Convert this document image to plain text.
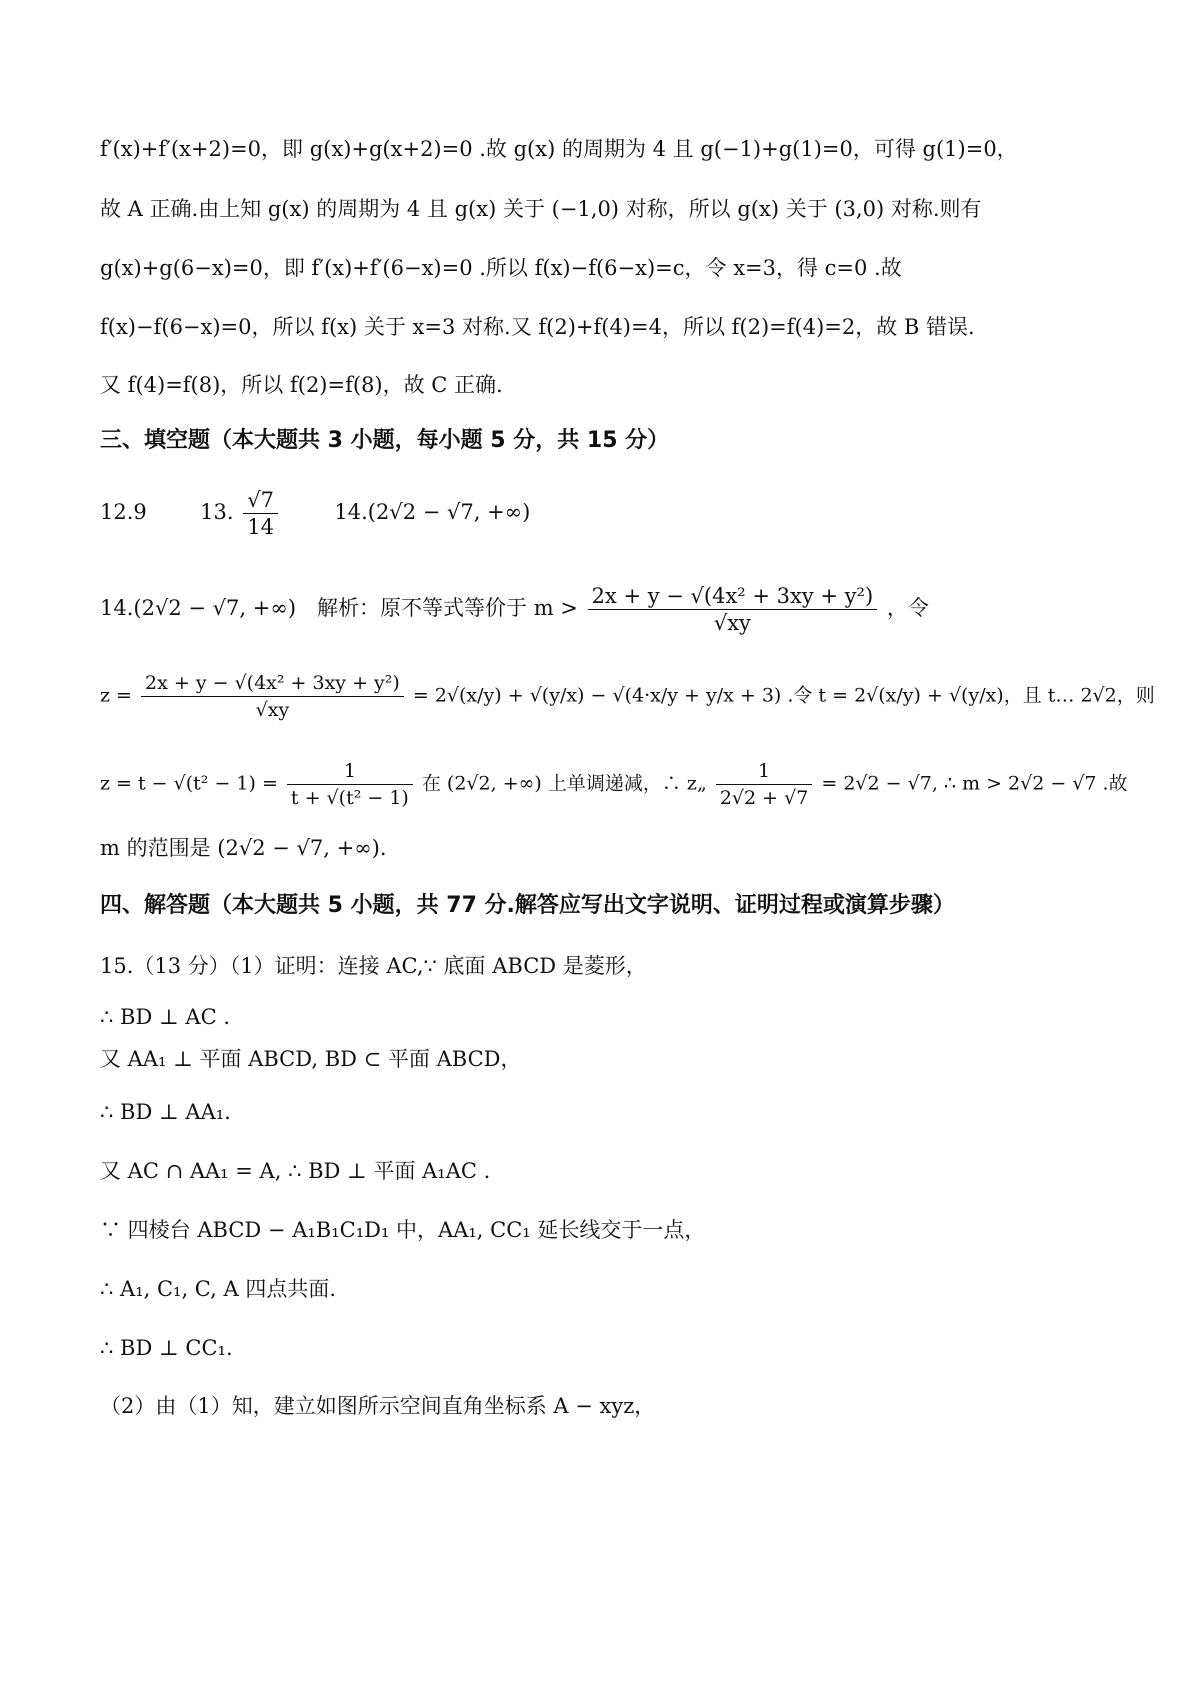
f′(x)+f′(x+2)=0，即 g(x)+g(x+2)=0 .故 g(x) 的周期为 4 且 g(−1)+g(1)=0，可得 g(1)=0，
故 A 正确.由上知 g(x) 的周期为 4 且 g(x) 关于 (−1,0) 对称，所以 g(x) 关于 (3,0) 对称.则有
g(x)+g(6−x)=0，即 f′(x)+f′(6−x)=0 .所以 f(x)−f(6−x)=c，令 x=3，得 c=0 .故
f(x)−f(6−x)=0，所以 f(x) 关于 x=3 对称.又 f(2)+f(4)=4，所以 f(2)=f(4)=2，故 B 错误.
又 f(4)=f(8)，所以 f(2)=f(8)，故 C 正确.
三、填空题（本大题共 3 小题，每小题 5 分，共 15 分）
12.9	13. $\frac{√7}{14}$	14.(2√2 − √7, +∞)
14.(2√2 − √7, +∞)　解析：原不等式等价于 $m > \frac{\text{2x + y − √(4x² + 3xy + y²)}}{√xy}$ ，令
$z = \frac{\text{2x + y − √(4x² + 3xy + y²)}}{√xy} = 2√(x/y) + √(y/x) - √(4\cdot x/y + y/x + 3)$ .令 t = 2√(x/y) + √(y/x)，且 t… 2√2，则
$z = t - √(t^2 - 1) = \frac{1}{\text{t + √(t² − 1)}}$ 在 (2√2, +∞) 上单调递减，∴ z„ $\frac{1}{2√2 + √7} = 2√2 - √7$, ∴ m > 2√2 − √7 .故
m 的范围是 (2√2 − √7, +∞).
四、解答题（本大题共 5 小题，共 77 分.解答应写出文字说明、证明过程或演算步骤）
15.（13 分）（1）证明：连接 AC,∵ 底面 ABCD 是菱形，
∴ BD ⊥ AC .
又 AA₁ ⊥ 平面 ABCD, BD ⊂ 平面 ABCD，
∴ BD ⊥ AA₁.
又 AC ∩ AA₁ = A, ∴ BD ⊥ 平面 A₁AC .
∵ 四棱台 ABCD − A₁B₁C₁D₁ 中，AA₁, CC₁ 延长线交于一点，
∴ A₁, C₁, C, A 四点共面.
∴ BD ⊥ CC₁.
（2）由（1）知，建立如图所示空间直角坐标系 A − xyz，
